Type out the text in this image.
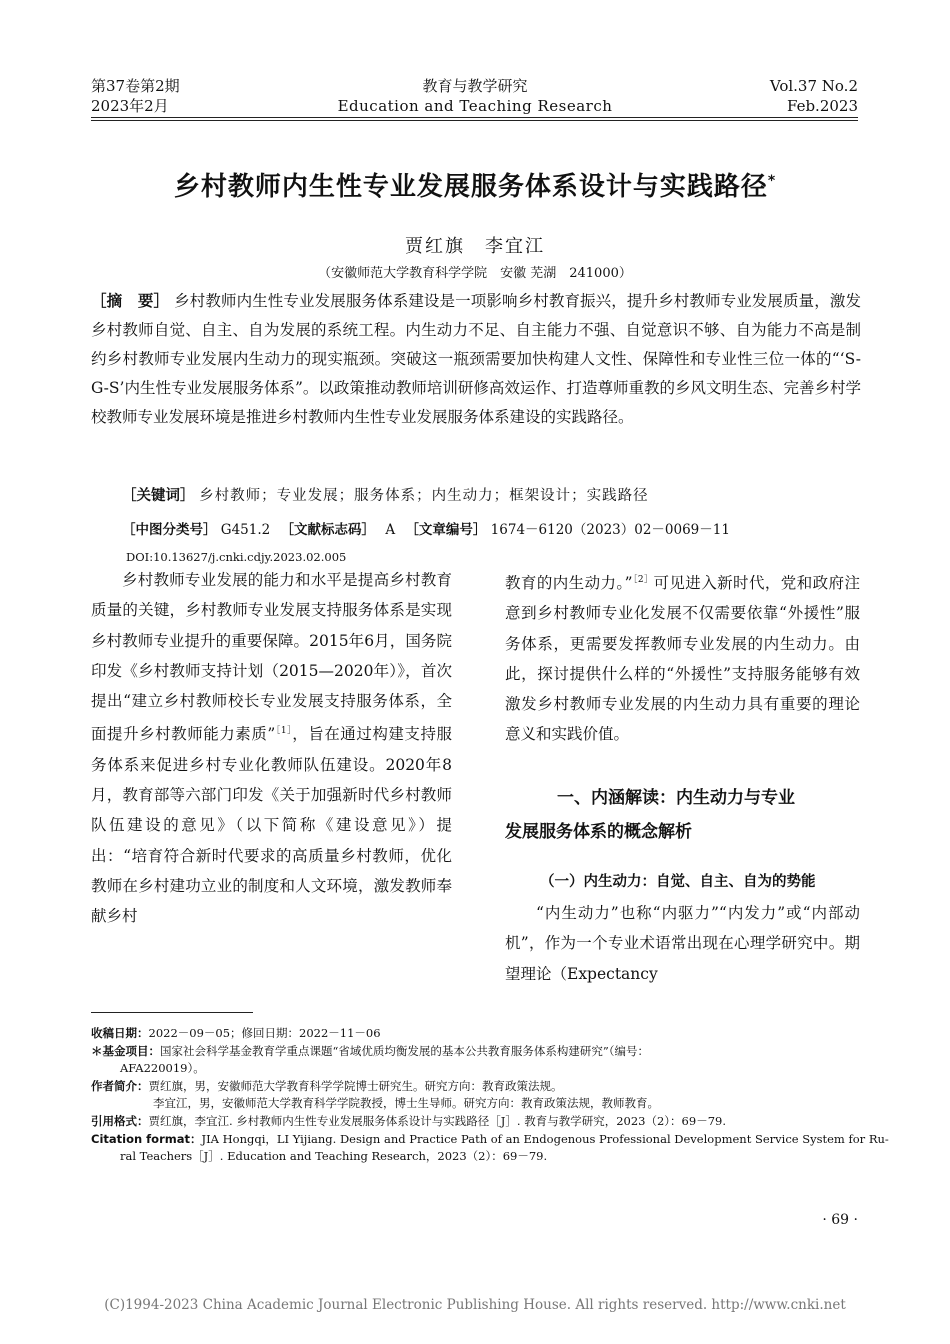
第37卷第2期
2023年2月
教育与教学研究
Education and Teaching Research
Vol.37 No.2
Feb.2023
乡村教师内生性专业发展服务体系设计与实践路径*
贾红旗　李宜江
（安徽师范大学教育科学学院　安徽 芜湖　241000）
［摘　要］ 乡村教师内生性专业发展服务体系建设是一项影响乡村教育振兴，提升乡村教师专业发展质量，激发乡村教师自觉、自主、自为发展的系统工程。内生动力不足、自主能力不强、自觉意识不够、自为能力不高是制约乡村教师专业发展内生动力的现实瓶颈。突破这一瓶颈需要加快构建人文性、保障性和专业性三位一体的“‘S-G-S’内生性专业发展服务体系”。以政策推动教师培训研修高效运作、打造尊师重教的乡风文明生态、完善乡村学校教师专业发展环境是推进乡村教师内生性专业发展服务体系建设的实践路径。
［关键词］ 乡村教师；专业发展；服务体系；内生动力；框架设计；实践路径
［中图分类号］ G451.2 ［文献标志码］ A ［文章编号］ 1674－6120（2023）02－0069－11
DOI:10.13627/j.cnki.cdjy.2023.02.005

乡村教师专业发展的能力和水平是提高乡村教育质量的关键，乡村教师专业发展支持服务体系是实现乡村教师专业提升的重要保障。2015年6月，国务院印发《乡村教师支持计划（2015—2020年）》，首次提出“建立乡村教师校长专业发展支持服务体系，全面提升乡村教师能力素质”$^{[1]}$，旨在通过构建支持服务体系来促进乡村专业化教师队伍建设。2020年8月，教育部等六部门印发《关于加强新时代乡村教师队伍建设的意见》（以下简称《建设意见》）提出：“培育符合新时代要求的高质量乡村教师，优化教师在乡村建功立业的制度和人文环境，激发教师奉献乡村

教育的内生动力。”$^{[2]}$可见进入新时代，党和政府注意到乡村教师专业化发展不仅需要依靠“外援性”服务体系，更需要发挥教师专业发展的内生动力。由此，探讨提供什么样的“外援性”支持服务能够有效激发乡村教师专业发展的内生动力具有重要的理论意义和实践价值。

一、内涵解读：内生动力与专业
发展服务体系的概念解析
（一）内生动力：自觉、自主、自为的势能

“内生动力”也称“内驱力”“内发力”或“内部动机”，作为一个专业术语常出现在心理学研究中。期望理论（Expectancy

收稿日期：2022－09－05；修回日期：2022－11－06
＊基金项目：国家社会科学基金教育学重点课题“省域优质均衡发展的基本公共教育服务体系构建研究”（编号：
AFA220019）。
作者简介：贾红旗，男，安徽师范大学教育科学学院博士研究生。研究方向：教育政策法规。
李宜江，男，安徽师范大学教育科学学院教授，博士生导师。研究方向：教育政策法规，教师教育。
引用格式：贾红旗，李宜江. 乡村教师内生性专业发展服务体系设计与实践路径［J］. 教育与教学研究，2023（2）：69－79.
Citation format：JIA Hongqi，LI Yijiang. Design and Practice Path of an Endogenous Professional Development Service System for Ru-
ral Teachers［J］. Education and Teaching Research，2023（2）：69－79.
· 69 ·
(C)1994-2023 China Academic Journal Electronic Publishing House. All rights reserved. http://www.cnki.net
